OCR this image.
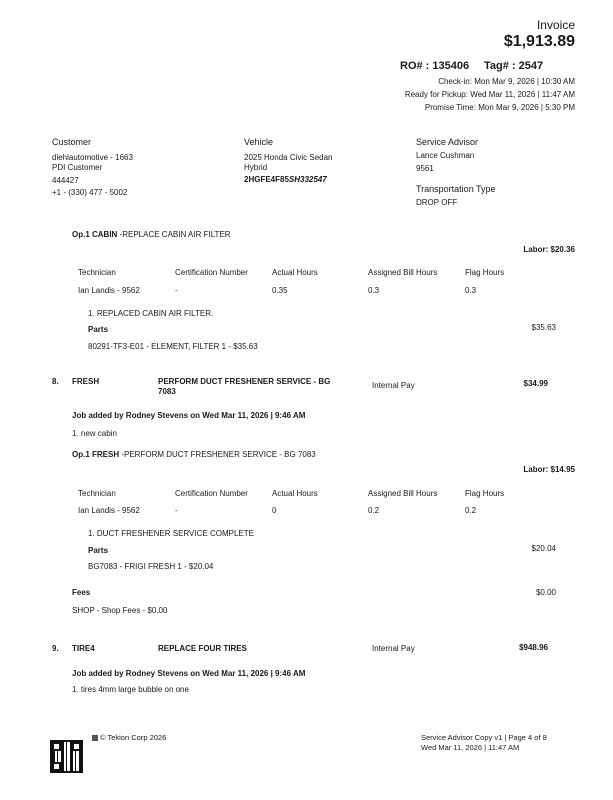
Invoice
$1,913.89
RO# : 135406 Tag# : 2547
Check-in: Mon Mar 9, 2026 | 10:30 AM
Ready for Pickup: Wed Mar 11, 2026 | 11:47 AM
Promise Time: Mon Mar 9, 2026 | 5:30 PM
Customer
diehlautomotive - 1663
PDI Customer
444427
+1 - (330) 477 - 5002
Vehicle
2025 Honda Civic Sedan
Hybrid
2HGFE4F85SH332547
Service Advisor
Lance Cushman
9561
Transportation Type
DROP OFF
Op.1 CABIN -REPLACE CABIN AIR FILTER
Labor: $20.36
Technician	Certification Number	Actual Hours	Assigned Bill Hours	Flag Hours
Ian Landis - 9562	-	0.35	0.3	0.3
1. REPLACED CABIN AIR FILTER.
Parts	$35.63
80291-TF3-E01 - ELEMENT, FILTER 1 - $35.63
8. FRESH	PERFORM DUCT FRESHENER SERVICE - BG
7083
Internal Pay	$34.99
Job added by Rodney Stevens on Wed Mar 11, 2026 | 9:46 AM
1. new cabin
Op.1 FRESH -PERFORM DUCT FRESHENER SERVICE - BG 7083
Labor: $14.95
Technician	Certification Number	Actual Hours	Assigned Bill Hours	Flag Hours
Ian Landis - 9562	-	0	0.2	0.2
1. DUCT FRESHENER SERVICE COMPLETE
Parts	$20.04
BG7083 - FRIGI FRESH 1 - $20.04
Fees	$0.00
SHOP - Shop Fees - $0.00
9. TIRE4	REPLACE FOUR TIRES	Internal Pay	$948.96
Job added by Rodney Stevens on Wed Mar 11, 2026 | 9:46 AM
1. tires 4mm large bubble on one
© Tekion Corp 2026	Service Advisor Copy v1 | Page 4 of 8
Wed Mar 11, 2026 | 11:47 AM
